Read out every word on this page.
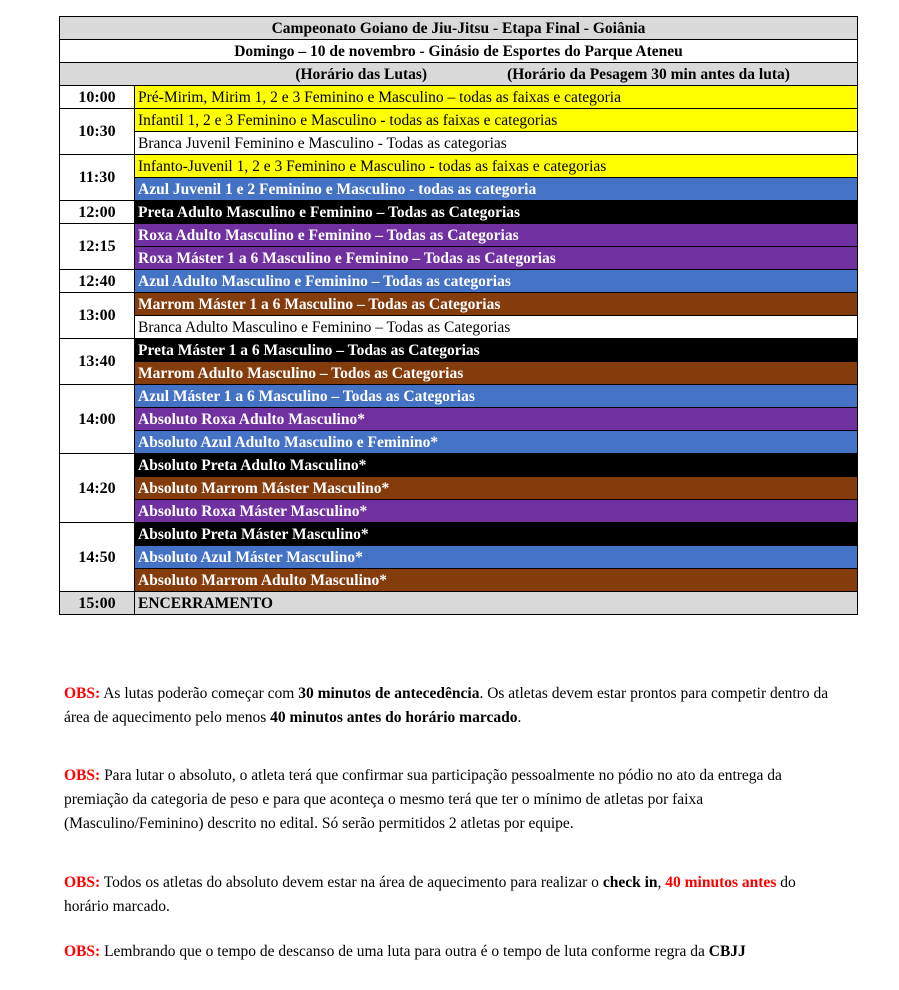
Campeonato Goiano de Jiu-Jitsu - Etapa Final - Goiânia	
Domingo – 10 de novembro - Ginásio de Esportes do Parque Ateneu	
(Horário das Lutas) (Horário da Pesagem 30 min antes da luta)	
10:00	Pré-Mirim, Mirim 1, 2 e 3 Feminino e Masculino – todas as faixas e categoria
10:30	Infantil 1, 2 e 3 Feminino e Masculino - todas as faixas e categorias
	Branca Juvenil Feminino e Masculino - Todas as categorias
11:30	Infanto-Juvenil 1, 2 e 3 Feminino e Masculino - todas as faixas e categorias
	Azul Juvenil 1 e 2 Feminino e Masculino - todas as categoria
12:00	Preta Adulto Masculino e Feminino – Todas as Categorias
12:15	Roxa Adulto Masculino e Feminino – Todas as Categorias
	Roxa Máster 1 a 6 Masculino e Feminino – Todas as Categorias
12:40	Azul Adulto Masculino e Feminino – Todas as categorias
13:00	Marrom Máster 1 a 6 Masculino – Todas as Categorias
	Branca Adulto Masculino e Feminino – Todas as Categorias
13:40	Preta Máster 1 a 6 Masculino – Todas as Categorias
	Marrom Adulto Masculino – Todos as Categorias
14:00	Azul Máster 1 a 6 Masculino – Todas as Categorias
	Absoluto Roxa Adulto Masculino*
	Absoluto Azul Adulto Masculino e Feminino*
14:20	Absoluto Preta Adulto Masculino*
	Absoluto Marrom Máster Masculino*
	Absoluto Roxa Máster Masculino*
14:50	Absoluto Preta Máster Masculino*
	Absoluto Azul Máster Masculino*
	Absoluto Marrom Adulto Masculino*
15:00	ENCERRAMENTO
OBS: As lutas poderão começar com 30 minutos de antecedência. Os atletas devem estar prontos para competir dentro da área de aquecimento pelo menos 40 minutos antes do horário marcado.
OBS: Para lutar o absoluto, o atleta terá que confirmar sua participação pessoalmente no pódio no ato da entrega da premiação da categoria de peso e para que aconteça o mesmo terá que ter o mínimo de atletas por faixa (Masculino/Feminino) descrito no edital. Só serão permitidos 2 atletas por equipe.
OBS: Todos os atletas do absoluto devem estar na área de aquecimento para realizar o check in, 40 minutos antes do horário marcado.
OBS: Lembrando que o tempo de descanso de uma luta para outra é o tempo de luta conforme regra da CBJJ
